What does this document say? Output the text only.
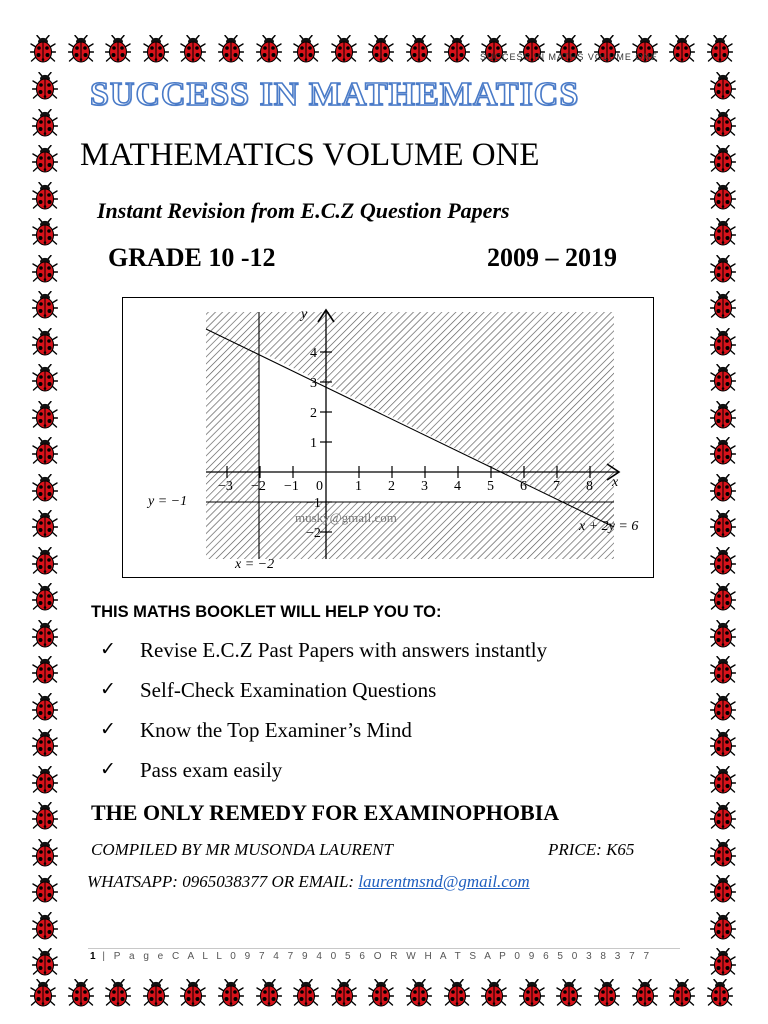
SUCCESS IN MATHS VOLUME ONE
SUCCESS IN MATHEMATICS
MATHEMATICS VOLUME ONE
Instant Revision from E.C.Z Question Papers
GRADE 10 -12	2009 – 2019
−3 −2 −1 0 1 2 3 4 5 6 7 8
4
3
2
1
−1
−2
x
y
y = −1
x = −2
x + 2y = 6
musky@gmail.com
THIS MATHS BOOKLET WILL HELP YOU TO:
✓	Revise E.C.Z Past Papers with answers instantly
✓	Self-Check Examination Questions
✓	Know the Top Examiner’s Mind
✓	Pass exam easily
THE ONLY REMEDY FOR EXAMINOPHOBIA
COMPILED BY MR MUSONDA LAURENT	PRICE: K65
WHATSAPP: 0965038377 OR EMAIL: laurentmsnd@gmail.com
1 | P a g e C A L L 0 9 7 4 7 9 4 0 5 6 O R W H A T S A P 0 9 6 5 0 3 8 3 7 7
